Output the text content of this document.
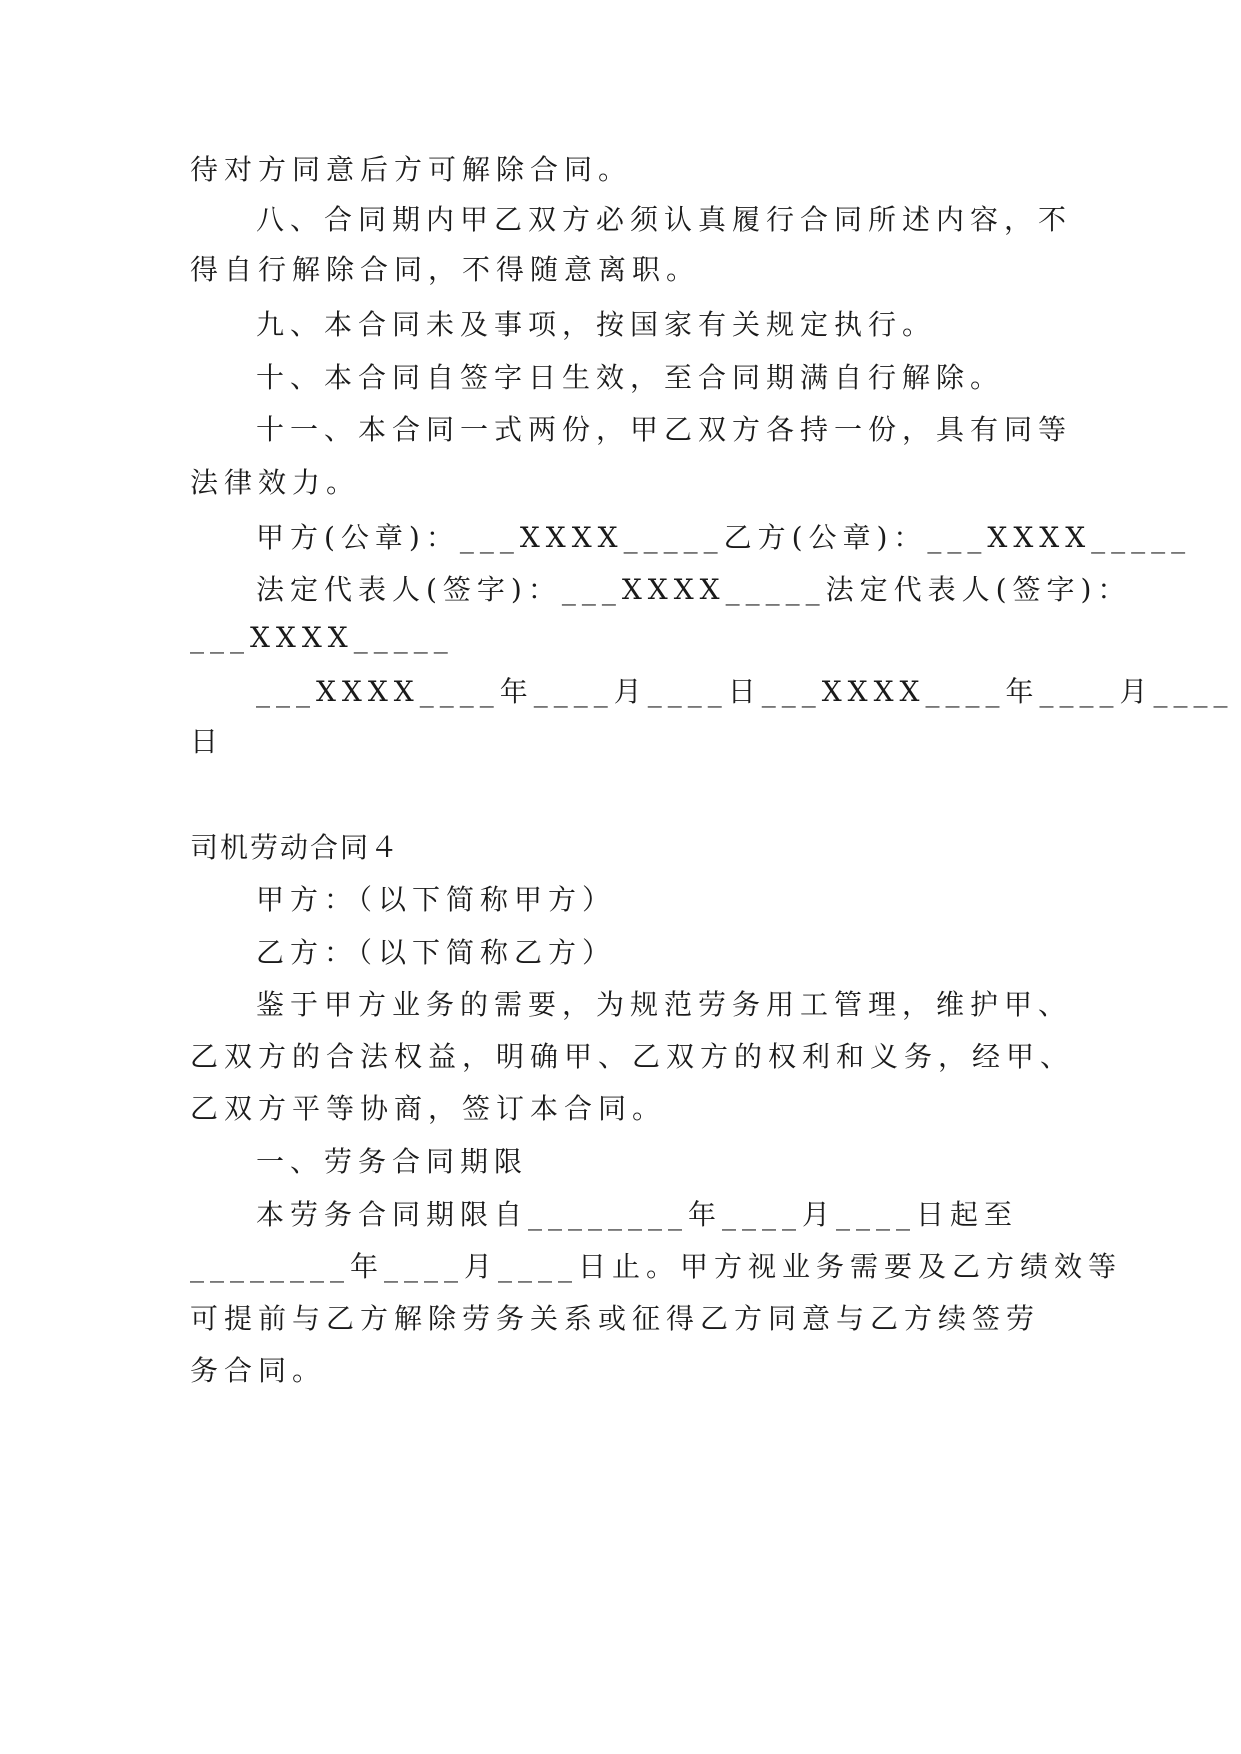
待对方同意后方可解除合同。
八、合同期内甲乙双方必须认真履行合同所述内容，不
得自行解除合同，不得随意离职。
九、本合同未及事项，按国家有关规定执行。
十、本合同自签字日生效，至合同期满自行解除。
十一、本合同一式两份，甲乙双方各持一份，具有同等
法律效力。
甲方(公章)：___XXXX_____乙方(公章)：___XXXX_____
法定代表人(签字)：___XXXX_____法定代表人(签字)：
___XXXX_____
___XXXX____年____月____日___XXXX____年____月____
日
司机劳动合同４
甲方：（以下简称甲方）
乙方：（以下简称乙方）
鉴于甲方业务的需要，为规范劳务用工管理，维护甲、
乙双方的合法权益，明确甲、乙双方的权利和义务，经甲、
乙双方平等协商，签订本合同。
一、劳务合同期限
本劳务合同期限自________年____月____日起至
________年____月____日止。甲方视业务需要及乙方绩效等
可提前与乙方解除劳务关系或征得乙方同意与乙方续签劳
务合同。
